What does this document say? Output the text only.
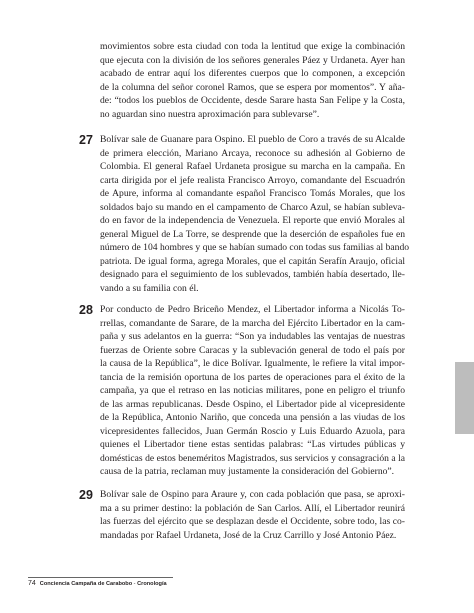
movimientos sobre esta ciudad con toda la lentitud que exige la combinación
que ejecuta con la división de los señores generales Páez y Urdaneta. Ayer han
acabado de entrar aquí los diferentes cuerpos que lo componen, a excepción
de la columna del señor coronel Ramos, que se espera por momentos”. Y aña-
de: “todos los pueblos de Occidente, desde Sarare hasta San Felipe y la Costa,
no aguardan sino nuestra aproximación para sublevarse”.
27 Bolívar sale de Guanare para Ospino. El pueblo de Coro a través de su Alcalde
de primera elección, Mariano Arcaya, reconoce su adhesión al Gobierno de
Colombia. El general Rafael Urdaneta prosigue su marcha en la campaña. En
carta dirigida por el jefe realista Francisco Arroyo, comandante del Escuadrón
de Apure, informa al comandante español Francisco Tomás Morales, que los
soldados bajo su mando en el campamento de Charco Azul, se habían subleva-
do en favor de la independencia de Venezuela. El reporte que envió Morales al
general Miguel de La Torre, se desprende que la deserción de españoles fue en
número de 104 hombres y que se habían sumado con todas sus familias al bando
patriota. De igual forma, agrega Morales, que el capitán Serafín Araujo, oficial
designado para el seguimiento de los sublevados, también había desertado, lle-
vando a su familia con él.
28 Por conducto de Pedro Briceño Mendez, el Libertador informa a Nicolás To-
rrellas, comandante de Sarare, de la marcha del Ejército Libertador en la cam-
paña y sus adelantos en la guerra: “Son ya indudables las ventajas de nuestras
fuerzas de Oriente sobre Caracas y la sublevación general de todo el país por
la causa de la República”, le dice Bolívar. Igualmente, le refiere la vital impor-
tancia de la remisión oportuna de los partes de operaciones para el éxito de la
campaña, ya que el retraso en las noticias militares, pone en peligro el triunfo
de las armas republicanas. Desde Ospino, el Libertador pide al vicepresidente
de la República, Antonio Nariño, que conceda una pensión a las viudas de los
vicepresidentes fallecidos, Juan Germán Roscio y Luis Eduardo Azuola, para
quienes el Libertador tiene estas sentidas palabras: “Las virtudes públicas y
domésticas de estos beneméritos Magistrados, sus servicios y consagración a la
causa de la patria, reclaman muy justamente la consideración del Gobierno”.
29 Bolívar sale de Ospino para Araure y, con cada población que pasa, se aproxi-
ma a su primer destino: la población de San Carlos. Allí, el Libertador reunirá
las fuerzas del ejército que se desplazan desde el Occidente, sobre todo, las co-
mandadas por Rafael Urdaneta, José de la Cruz Carrillo y José Antonio Páez.
74 Conciencia Campaña de Carabobo - Cronología
